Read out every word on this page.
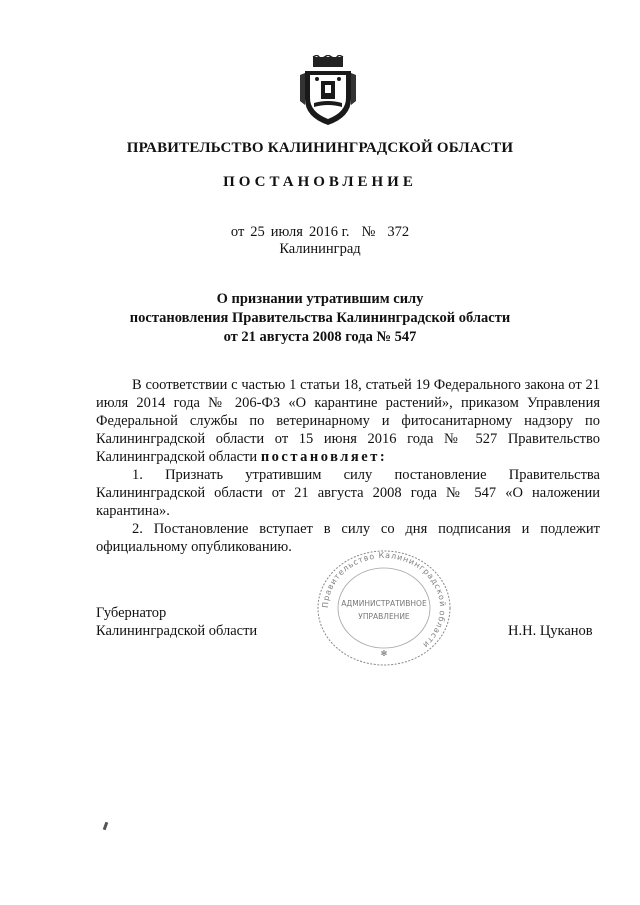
ПРАВИТЕЛЬСТВО КАЛИНИНГРАДСКОЙ ОБЛАСТИ
ПОСТАНОВЛЕНИЕ
от 25 июля 2016 г. № 372
Калининград
О признании утратившим силу
постановления Правительства Калининградской области
от 21 августа 2008 года № 547

В соответствии с частью 1 статьи 18, статьей 19 Федерального закона от 21 июля 2014 года № 206-ФЗ «О карантине растений», приказом Управления Федеральной службы по ветеринарному и фитосанитарному надзору по Калининградской области от 15 июня 2016 года № 527 Правительство Калининградской области постановляет:

1. Признать утратившим силу постановление Правительства Калининградской области от 21 августа 2008 года № 547 «О наложении карантина».

2. Постановление вступает в силу со дня подписания и подлежит официальному опубликованию.

Правительство Калининградской области
АДМИНИСТРАТИВНОЕ
УПРАВЛЕНИЕ
✻
Губернатор
Калининградской области	Н.Н. Цуканов
